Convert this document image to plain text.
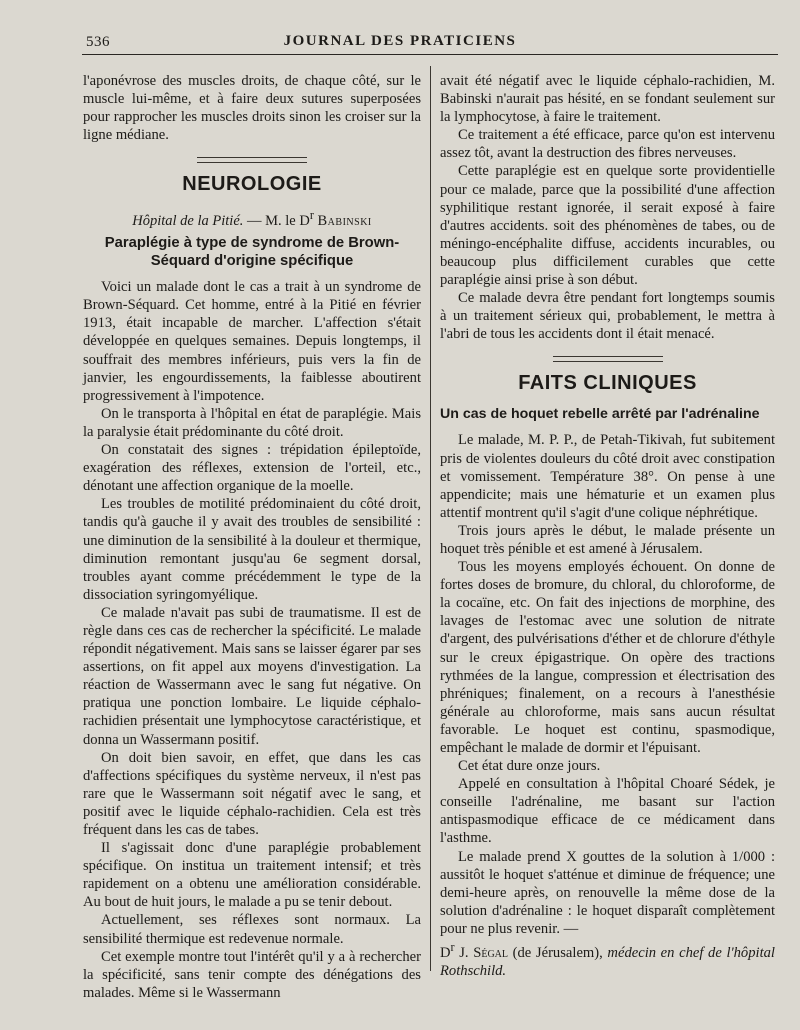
536	JOURNAL DES PRATICIENS

l'aponévrose des muscles droits, de chaque côté, sur le muscle lui-même, et à faire deux sutures superposées pour rapprocher les muscles droits sinon les croiser sur la ligne médiane.

NEUROLOGIE
Hôpital de la Pitié. — M. le $D^r$ Babinski
Paraplégie à type de syndrome de Brown-Séquard d'origine spécifique

Voici un malade dont le cas a trait à un syndrome de Brown-Séquard. Cet homme, entré à la Pitié en février 1913, était incapable de marcher. L'affection s'était développée en quelques semaines. Depuis longtemps, il souffrait des membres inférieurs, puis vers la fin de janvier, les engourdissements, la faiblesse aboutirent progressivement à l'impotence.

On le transporta à l'hôpital en état de paraplégie. Mais la paralysie était prédominante du côté droit.

On constatait des signes : trépidation épileptoïde, exagération des réflexes, extension de l'orteil, etc., dénotant une affection organique de la moelle.

Les troubles de motilité prédominaient du côté droit, tandis qu'à gauche il y avait des troubles de sensibilité : une diminution de la sensibilité à la douleur et thermique, diminution remontant jusqu'au 6e segment dorsal, troubles ayant comme précédemment le type de la dissociation syringomyélique.

Ce malade n'avait pas subi de traumatisme. Il est de règle dans ces cas de rechercher la spécificité. Le malade répondit négativement. Mais sans se laisser égarer par ses assertions, on fit appel aux moyens d'investigation. La réaction de Wassermann avec le sang fut négative. On pratiqua une ponction lombaire. Le liquide céphalo-rachidien présentait une lymphocytose caractéristique, et donna un Wassermann positif.

On doit bien savoir, en effet, que dans les cas d'affections spécifiques du système nerveux, il n'est pas rare que le Wassermann soit négatif avec le sang, et positif avec le liquide céphalo-rachidien. Cela est très fréquent dans les cas de tabes.

Il s'agissait donc d'une paraplégie probablement spécifique. On institua un traitement intensif; et très rapidement on a obtenu une amélioration considérable. Au bout de huit jours, le malade a pu se tenir debout.

Actuellement, ses réflexes sont normaux. La sensibilité thermique est redevenue normale.

Cet exemple montre tout l'intérêt qu'il y a à rechercher la spécificité, sans tenir compte des dénégations des malades. Même si le Wassermann

avait été négatif avec le liquide céphalo-rachidien, M. Babinski n'aurait pas hésité, en se fondant seulement sur la lymphocytose, à faire le traitement.

Ce traitement a été efficace, parce qu'on est intervenu assez tôt, avant la destruction des fibres nerveuses.

Cette paraplégie est en quelque sorte providentielle pour ce malade, parce que la possibilité d'une affection syphilitique restant ignorée, il serait exposé à faire d'autres accidents. soit des phénomènes de tabes, ou de méningo-encéphalite diffuse, accidents incurables, ou beaucoup plus difficilement curables que cette paraplégie ainsi prise à son début.

Ce malade devra être pendant fort longtemps soumis à un traitement sérieux qui, probablement, le mettra à l'abri de tous les accidents dont il était menacé.

FAITS CLINIQUES
Un cas de hoquet rebelle arrêté par l'adrénaline

Le malade, M. P. P., de Petah-Tikivah, fut subitement pris de violentes douleurs du côté droit avec constipation et vomissement. Température 38°. On pense à une appendicite; mais une hématurie et un examen plus attentif montrent qu'il s'agit d'une colique néphrétique.

Trois jours après le début, le malade présente un hoquet très pénible et est amené à Jérusalem.

Tous les moyens employés échouent. On donne de fortes doses de bromure, du chloral, du chloroforme, de la cocaïne, etc. On fait des injections de morphine, des lavages de l'estomac avec une solution de nitrate d'argent, des pulvérisations d'éther et de chlorure d'éthyle sur le creux épigastrique. On opère des tractions rythmées de la langue, compression et électrisation des phréniques; finalement, on a recours à l'anesthésie générale au chloroforme, mais sans aucun résultat favorable. Le hoquet est continu, spasmodique, empêchant le malade de dormir et l'épuisant.

Cet état dure onze jours.

Appelé en consultation à l'hôpital Choaré Sédek, je conseille l'adrénaline, me basant sur l'action antispasmodique efficace de ce médicament dans l'asthme.

Le malade prend X gouttes de la solution à 1/000 : aussitôt le hoquet s'atténue et diminue de fréquence; une demi-heure après, on renouvelle la même dose de la solution d'adrénaline : le hoquet disparaît complètement pour ne plus revenir. —

$D^r$ J. Ségal (de Jérusalem), médecin en chef de l'hôpital Rothschild.
